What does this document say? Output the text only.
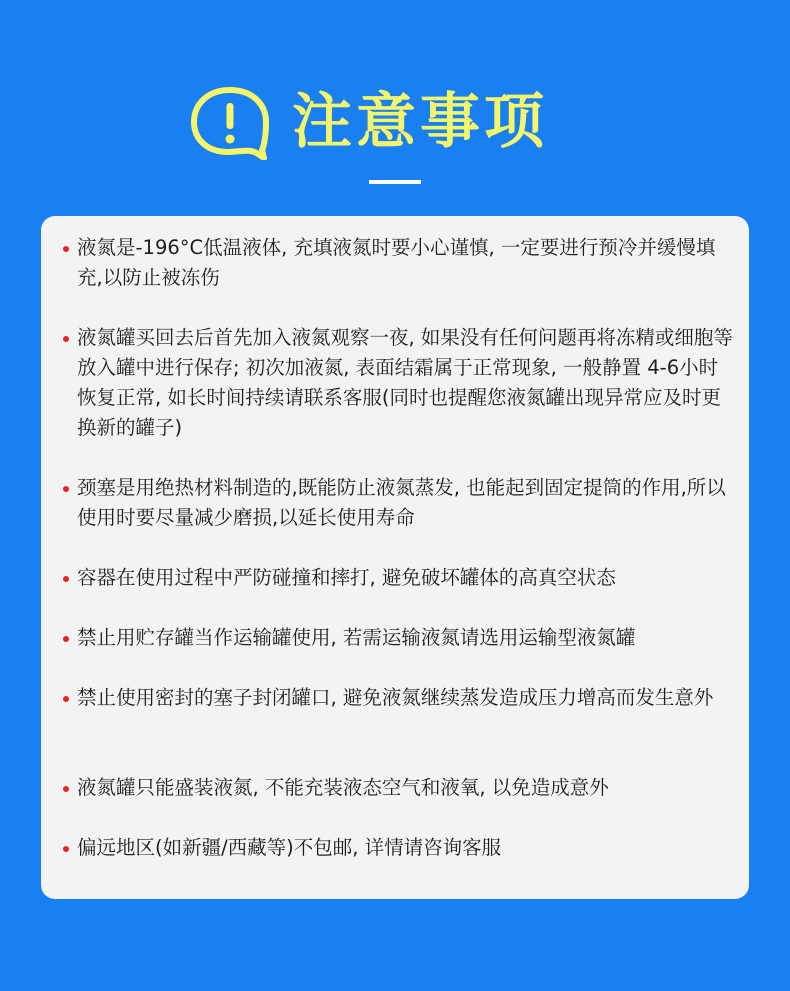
注意事项
液氮是-196°C低温液体, 充填液氮时要小心谨慎, 一定要进行预冷并缓慢填充,以防止被冻伤
液氮罐买回去后首先加入液氮观察一夜, 如果没有任何问题再将冻精或细胞等放入罐中进行保存; 初次加液氮, 表面结霜属于正常现象, 一般静置 4-6小时 恢复正常, 如长时间持续请联系客服(同时也提醒您液氮罐出现异常应及时更换新的罐子)
颈塞是用绝热材料制造的,既能防止液氮蒸发, 也能起到固定提筒的作用,所以使用时要尽量减少磨损,以延长使用寿命
容器在使用过程中严防碰撞和摔打, 避免破坏罐体的高真空状态
禁止用贮存罐当作运输罐使用, 若需运输液氮请选用运输型液氮罐
禁止使用密封的塞子封闭罐口, 避免液氮继续蒸发造成压力增高而发生意外
液氮罐只能盛装液氮, 不能充装液态空气和液氧, 以免造成意外
偏远地区(如新疆/西藏等)不包邮, 详情请咨询客服
